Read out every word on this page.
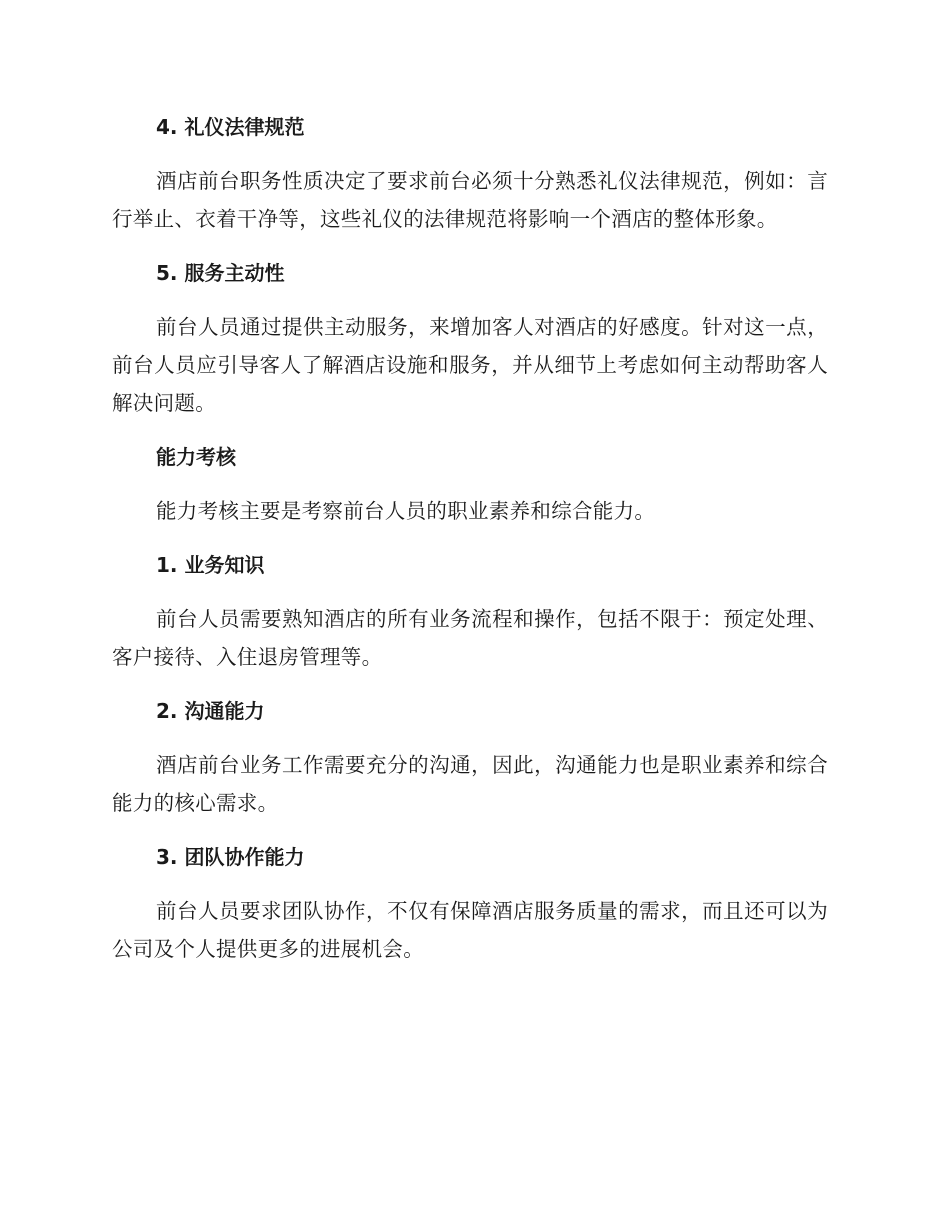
4. 礼仪法律规范

酒店前台职务性质决定了要求前台必须十分熟悉礼仪法律规范，例如：言行举止、衣着干净等，这些礼仪的法律规范将影响一个酒店的整体形象。

5. 服务主动性

前台人员通过提供主动服务，来增加客人对酒店的好感度。针对这一点，前台人员应引导客人了解酒店设施和服务，并从细节上考虑如何主动帮助客人解决问题。

能力考核

能力考核主要是考察前台人员的职业素养和综合能力。

1. 业务知识

前台人员需要熟知酒店的所有业务流程和操作，包括不限于：预定处理、客户接待、入住退房管理等。

2. 沟通能力

酒店前台业务工作需要充分的沟通，因此，沟通能力也是职业素养和综合能力的核心需求。

3. 团队协作能力

前台人员要求团队协作，不仅有保障酒店服务质量的需求，而且还可以为公司及个人提供更多的进展机会。
